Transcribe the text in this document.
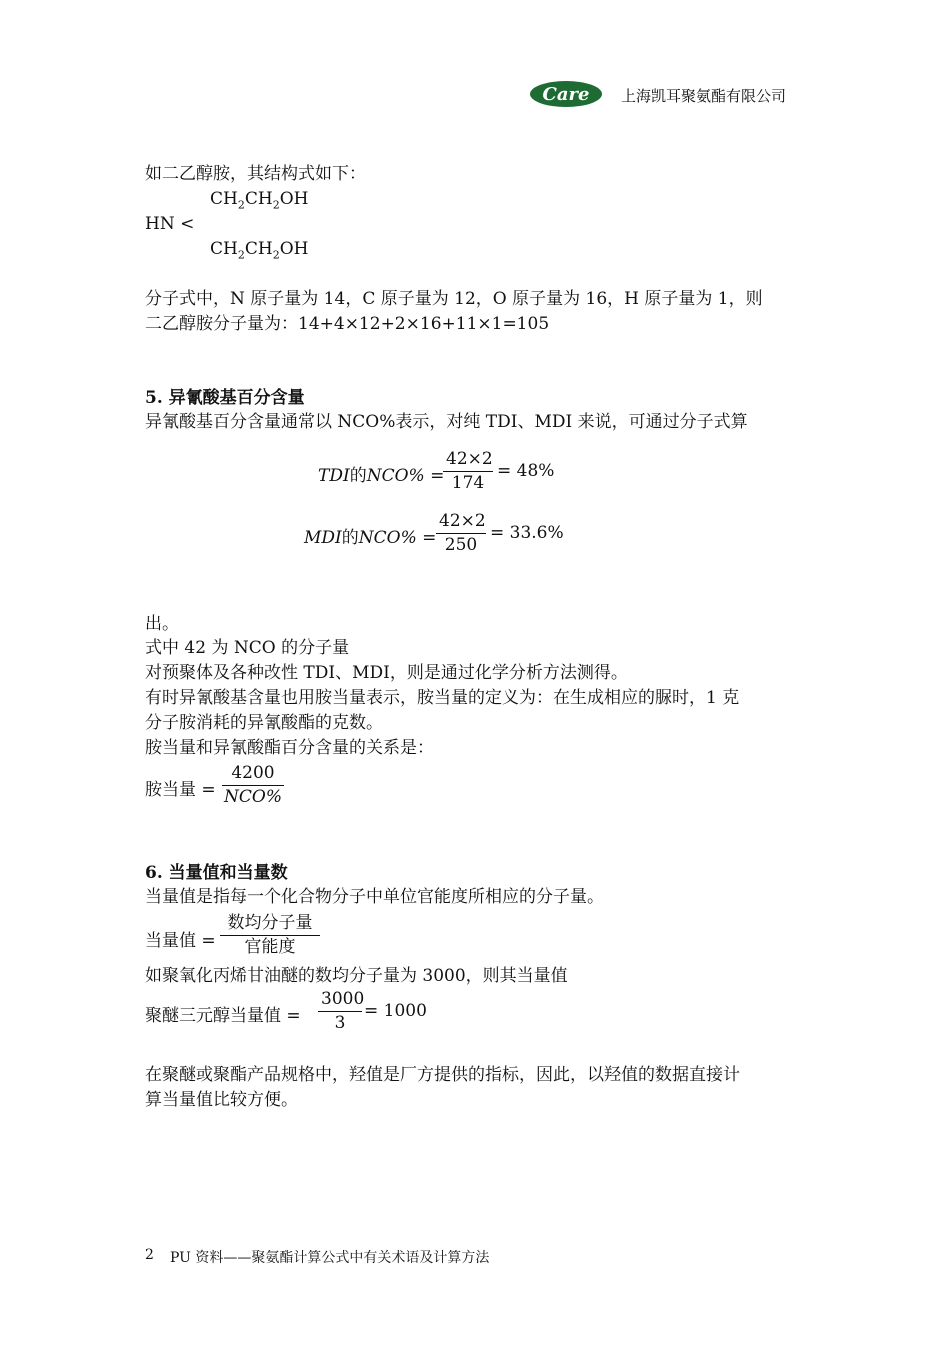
Care 上海凯耳聚氨酯有限公司
如二乙醇胺，其结构式如下：
$CH_2CH_2OH$
HN <
$CH_2CH_2OH$
分子式中，N 原子量为 14，C 原子量为 12，O 原子量为 16，H 原子量为 1，则
二乙醇胺分子量为：14+4×12+2×16+11×1=105
5. 异氰酸基百分含量
异氰酸基百分含量通常以 NCO%表示，对纯 TDI、MDI 来说，可通过分子式算
TDI的NCO% =
$\frac{42\times 2}{174} = 48\%$
MDI的$NCO\% = \frac{42\times 2}{250} = 33.6\%$
出。
式中 42 为 NCO 的分子量
对预聚体及各种改性 TDI、MDI，则是通过化学分析方法测得。
有时异氰酸基含量也用胺当量表示，胺当量的定义为：在生成相应的脲时，1 克
分子胺消耗的异氰酸酯的克数。
胺当量和异氰酸酯百分含量的关系是：
胺当量 =
4200
NCO%
6. 当量值和当量数
当量值是指每一个化合物分子中单位官能度所相应的分子量。
当量值 =
数均分子量
官能度
如聚氧化丙烯甘油醚的数均分子量为 3000，则其当量值
聚醚三元醇当量值 = $\frac{3000}{3} = 1000$
在聚醚或聚酯产品规格中，羟值是厂方提供的指标，因此，以羟值的数据直接计
算当量值比较方便。
2 PU 资料——聚氨酯计算公式中有关术语及计算方法
